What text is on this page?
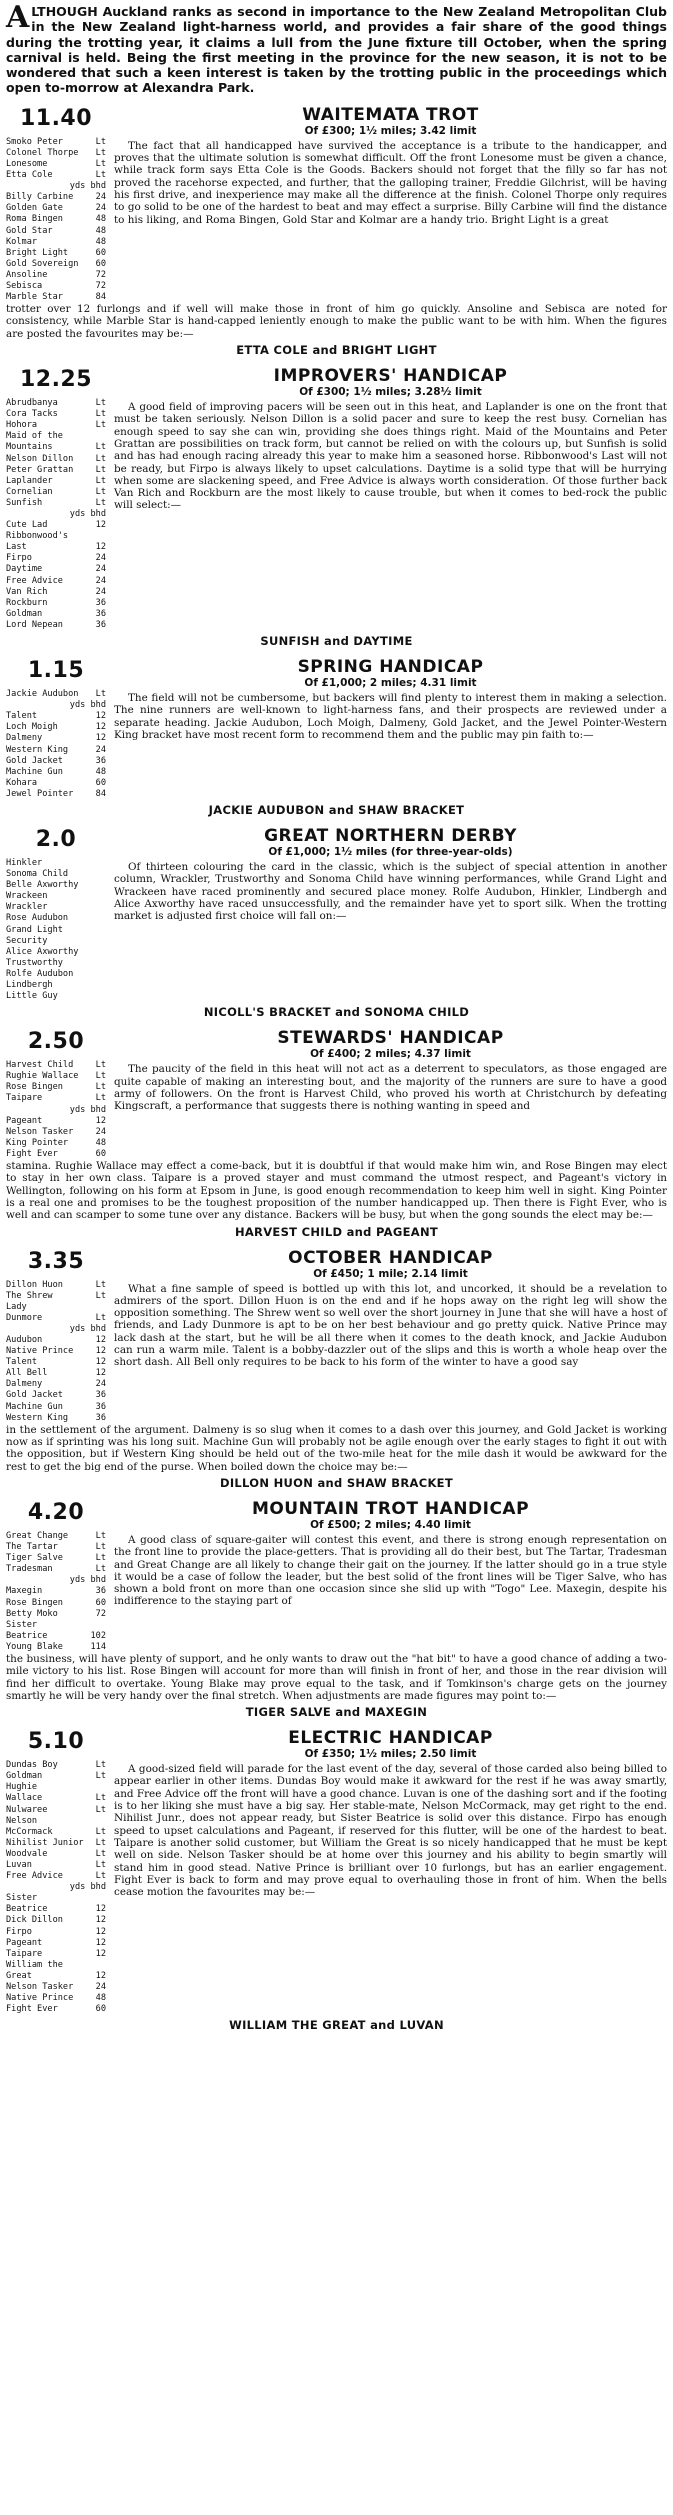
ALTHOUGH Auckland ranks as second in importance to the New Zealand Metropolitan Club in the New Zealand light-harness world, and provides a fair share of the good things during the trotting year, it claims a lull from the June fixture till October, when the spring carnival is held. Being the first meeting in the province for the new season, it is not to be wondered that such a keen interest is taken by the trotting public in the proceedings which open to-morrow at Alexandra Park.

11.40
Smoko Peter	Lt
Colonel Thorpe Lt
Lonesome	Lt
Etta Cole	Lt
yds bhd
Billy Carbine	24
Golden Gate	24
Roma Bingen	48
Gold Star	48
Kolmar	48
Bright Light	60
Gold Sovereign 60
Ansoline	72
Sebisca	72
Marble Star	84
WAITEMATA TROT
Of £300; 1½ miles; 3.42 limit

The fact that all handicapped have survived the acceptance is a tribute to the handicapper, and proves that the ultimate solution is somewhat difficult. Off the front Lonesome must be given a chance, while track form says Etta Cole is the Goods. Backers should not forget that the filly so far has not proved the racehorse expected, and further, that the galloping trainer, Freddie Gilchrist, will be having his first drive, and inexperience may make all the difference at the finish. Colonel Thorpe only requires to go solid to be one of the hardest to beat and may effect a surprise. Billy Carbine will find the distance to his liking, and Roma Bingen, Gold Star and Kolmar are a handy trio. Bright Light is a great

trotter over 12 furlongs and if well will make those in front of him go quickly. Ansoline and Sebisca are noted for consistency, while Marble Star is hand-capped leniently enough to make the public want to be with him. When the figures are posted the favourites may be:—

ETTA COLE and BRIGHT LIGHT
12.25
Abrudbanya	Lt
Cora Tacks	Lt
Hohora	Lt
Maid of the
Mountains	Lt
Nelson Dillon	Lt
Peter Grattan	Lt
Laplander	Lt
Cornelian	Lt
Sunfish	Lt
yds bhd
Cute Lad	12
Ribbonwood's
Last	12
Firpo	24
Daytime	24
Free Advice	24
Van Rich	24
Rockburn	36
Goldman	36
Lord Nepean	36
IMPROVERS' HANDICAP
Of £300; 1½ miles; 3.28½ limit

A good field of improving pacers will be seen out in this heat, and Laplander is one on the front that must be taken seriously. Nelson Dillon is a solid pacer and sure to keep the rest busy. Cornelian has enough speed to say she can win, providing she does things right. Maid of the Mountains and Peter Grattan are possibilities on track form, but cannot be relied on with the colours up, but Sunfish is solid and has had enough racing already this year to make him a seasoned horse. Ribbonwood's Last will not be ready, but Firpo is always likely to upset calculations. Daytime is a solid type that will be hurrying when some are slackening speed, and Free Advice is always worth consideration. Of those further back Van Rich and Rockburn are the most likely to cause trouble, but when it comes to bed-rock the public will select:—

SUNFISH and DAYTIME
1.15
Jackie Audubon Lt
yds bhd
Talent	12
Loch Moigh	12
Dalmeny	12
Western King	24
Gold Jacket	36
Machine Gun	48
Kohara	60
Jewel Pointer	84
SPRING HANDICAP
Of £1,000; 2 miles; 4.31 limit

The field will not be cumbersome, but backers will find plenty to interest them in making a selection. The nine runners are well-known to light-harness fans, and their prospects are reviewed under a separate heading. Jackie Audubon, Loch Moigh, Dalmeny, Gold Jacket, and the Jewel Pointer-Western King bracket have most recent form to recommend them and the public may pin faith to:—

JACKIE AUDUBON and SHAW BRACKET
2.0
Hinkler
Sonoma Child
Belle Axworthy
Wrackeen
Wrackler
Rose Audubon
Grand Light
Security
Alice Axworthy
Trustworthy
Rolfe Audubon
Lindbergh
Little Guy
GREAT NORTHERN DERBY
Of £1,000; 1½ miles (for three-year-olds)

Of thirteen colouring the card in the classic, which is the subject of special attention in another column, Wrackler, Trustworthy and Sonoma Child have winning performances, while Grand Light and Wrackeen have raced prominently and secured place money. Rolfe Audubon, Hinkler, Lindbergh and Alice Axworthy have raced unsuccessfully, and the remainder have yet to sport silk. When the trotting market is adjusted first choice will fall on:—

NICOLL'S BRACKET and SONOMA CHILD
2.50
Harvest Child	Lt
Rughie Wallace Lt
Rose Bingen	Lt
Taipare	Lt
yds bhd
Pageant	12
Nelson Tasker	24
King Pointer	48
Fight Ever	60
STEWARDS' HANDICAP
Of £400; 2 miles; 4.37 limit

The paucity of the field in this heat will not act as a deterrent to speculators, as those engaged are quite capable of making an interesting bout, and the majority of the runners are sure to have a good army of followers. On the front is Harvest Child, who proved his worth at Christchurch by defeating Kingscraft, a performance that suggests there is nothing wanting in speed and

stamina. Rughie Wallace may effect a come-back, but it is doubtful if that would make him win, and Rose Bingen may elect to stay in her own class. Taipare is a proved stayer and must command the utmost respect, and Pageant's victory in Wellington, following on his form at Epsom in June, is good enough recommendation to keep him well in sight. King Pointer is a real one and promises to be the toughest proposition of the number handicapped up. Then there is Fight Ever, who is well and can scamper to some tune over any distance. Backers will be busy, but when the gong sounds the elect may be:—

HARVEST CHILD and PAGEANT
3.35
Dillon Huon	Lt
The Shrew	Lt
Lady
Dunmore	Lt
yds bhd
Audubon	12
Native Prince	12
Talent	12
All Bell	12
Dalmeny	24
Gold Jacket	36
Machine Gun	36
Western King	36
OCTOBER HANDICAP
Of £450; 1 mile; 2.14 limit

What a fine sample of speed is bottled up with this lot, and uncorked, it should be a revelation to admirers of the sport. Dillon Huon is on the end and if he hops away on the right leg will show the opposition something. The Shrew went so well over the short journey in June that she will have a host of friends, and Lady Dunmore is apt to be on her best behaviour and go pretty quick. Native Prince may lack dash at the start, but he will be all there when it comes to the death knock, and Jackie Audubon can run a warm mile. Talent is a bobby-dazzler out of the slips and this is worth a whole heap over the short dash. All Bell only requires to be back to his form of the winter to have a good say

in the settlement of the argument. Dalmeny is so slug when it comes to a dash over this journey, and Gold Jacket is working now as if sprinting was his long suit. Machine Gun will probably not be agile enough over the early stages to fight it out with the opposition, but if Western King should be held out of the two-mile heat for the mile dash it would be awkward for the rest to get the big end of the purse. When boiled down the choice may be:—

DILLON HUON and SHAW BRACKET
4.20
Great Change	Lt
The Tartar	Lt
Tiger Salve	Lt
Tradesman	Lt
yds bhd
Maxegin	36
Rose Bingen	60
Betty Moko	72
Sister
Beatrice	102
Young Blake	114
MOUNTAIN TROT HANDICAP
Of £500; 2 miles; 4.40 limit

A good class of square-gaiter will contest this event, and there is strong enough representation on the front line to provide the place-getters. That is providing all do their best, but The Tartar, Tradesman and Great Change are all likely to change their gait on the journey. If the latter should go in a true style it would be a case of follow the leader, but the best solid of the front lines will be Tiger Salve, who has shown a bold front on more than one occasion since she slid up with "Togo" Lee. Maxegin, despite his indifference to the staying part of

the business, will have plenty of support, and he only wants to draw out the "hat bit" to have a good chance of adding a two-mile victory to his list. Rose Bingen will account for more than will finish in front of her, and those in the rear division will find her difficult to overtake. Young Blake may prove equal to the task, and if Tomkinson's charge gets on the journey smartly he will be very handy over the final stretch. When adjustments are made figures may point to:—

TIGER SALVE and MAXEGIN
5.10
Dundas Boy	Lt
Goldman	Lt
Hughie
Wallace	Lt
Nulwaree	Lt
Nelson
McCormack	Lt
Nihilist Junior Lt
Woodvale	Lt
Luvan	Lt
Free Advice	Lt
yds bhd
Sister
Beatrice	12
Dick Dillon	12
Firpo	12
Pageant	12
Taipare	12
William the
Great	12
Nelson Tasker	24
Native Prince	48
Fight Ever	60
ELECTRIC HANDICAP
Of £350; 1½ miles; 2.50 limit

A good-sized field will parade for the last event of the day, several of those carded also being billed to appear earlier in other items. Dundas Boy would make it awkward for the rest if he was away smartly, and Free Advice off the front will have a good chance. Luvan is one of the dashing sort and if the footing is to her liking she must have a big say. Her stable-mate, Nelson McCormack, may get right to the end. Nihilist Junr., does not appear ready, but Sister Beatrice is solid over this distance. Firpo has enough speed to upset calculations and Pageant, if reserved for this flutter, will be one of the hardest to beat. Taipare is another solid customer, but William the Great is so nicely handicapped that he must be kept well on side. Nelson Tasker should be at home over this journey and his ability to begin smartly will stand him in good stead. Native Prince is brilliant over 10 furlongs, but has an earlier engagement. Fight Ever is back to form and may prove equal to overhauling those in front of him. When the bells cease motion the favourites may be:—

WILLIAM THE GREAT and LUVAN
